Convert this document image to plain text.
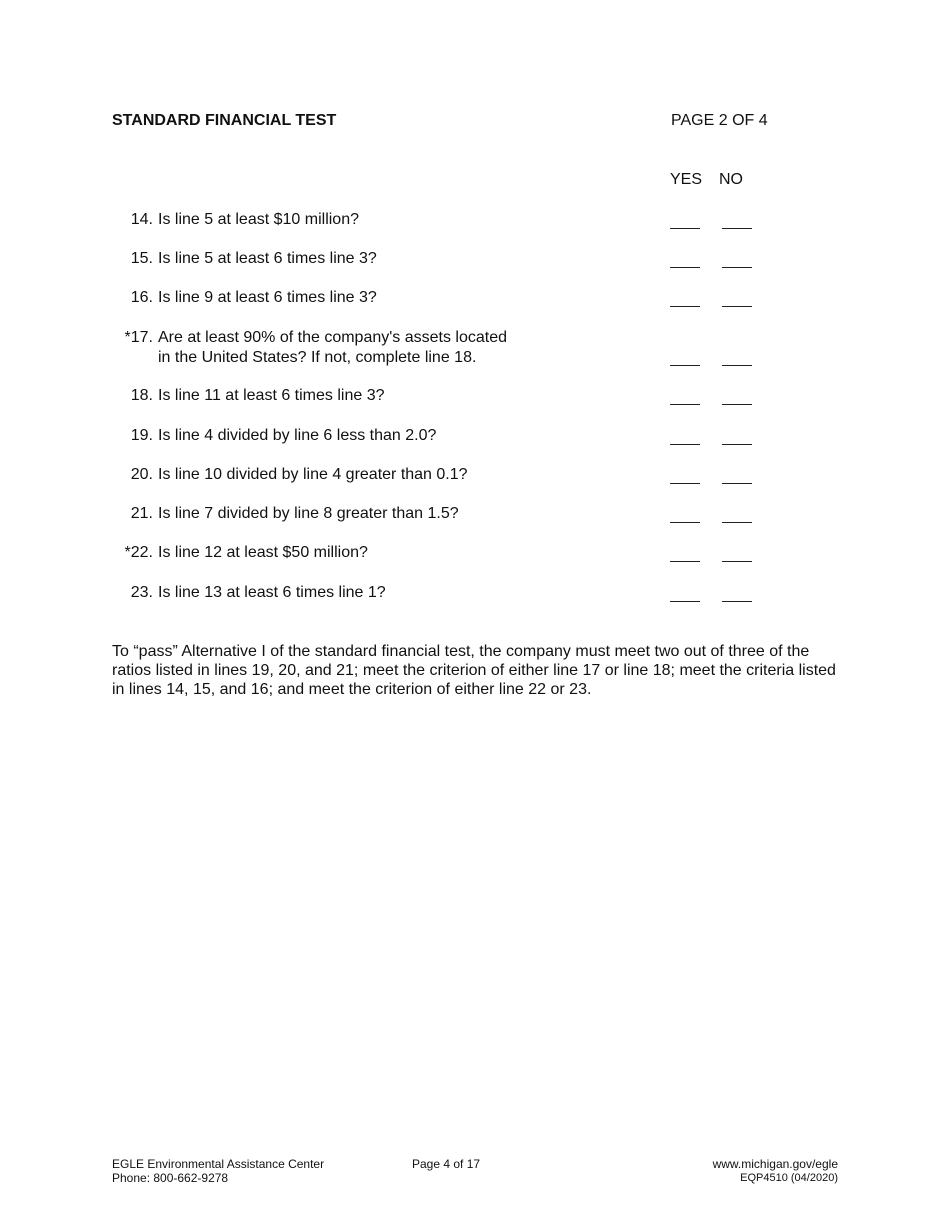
STANDARD FINANCIAL TEST	PAGE 2 OF 4
YES NO
14. Is line 5 at least $10 million?
15. Is line 5 at least 6 times line 3?
16. Is line 9 at least 6 times line 3?
*17. Are at least 90% of the company's assets located
in the United States? If not, complete line 18.
18. Is line 11 at least 6 times line 3?
19. Is line 4 divided by line 6 less than 2.0?
20. Is line 10 divided by line 4 greater than 0.1?
21. Is line 7 divided by line 8 greater than 1.5?
*22. Is line 12 at least $50 million?
23. Is line 13 at least 6 times line 1?
To “pass” Alternative I of the standard financial test, the company must meet two out of three of the ratios listed in lines 19, 20, and 21; meet the criterion of either line 17 or line 18; meet the criteria listed in lines 14, 15, and 16; and meet the criterion of either line 22 or 23.
EGLE Environmental Assistance Center
Phone: 800-662-9278
Page 4 of 17	www.michigan.gov/egle
EQP4510 (04/2020)
